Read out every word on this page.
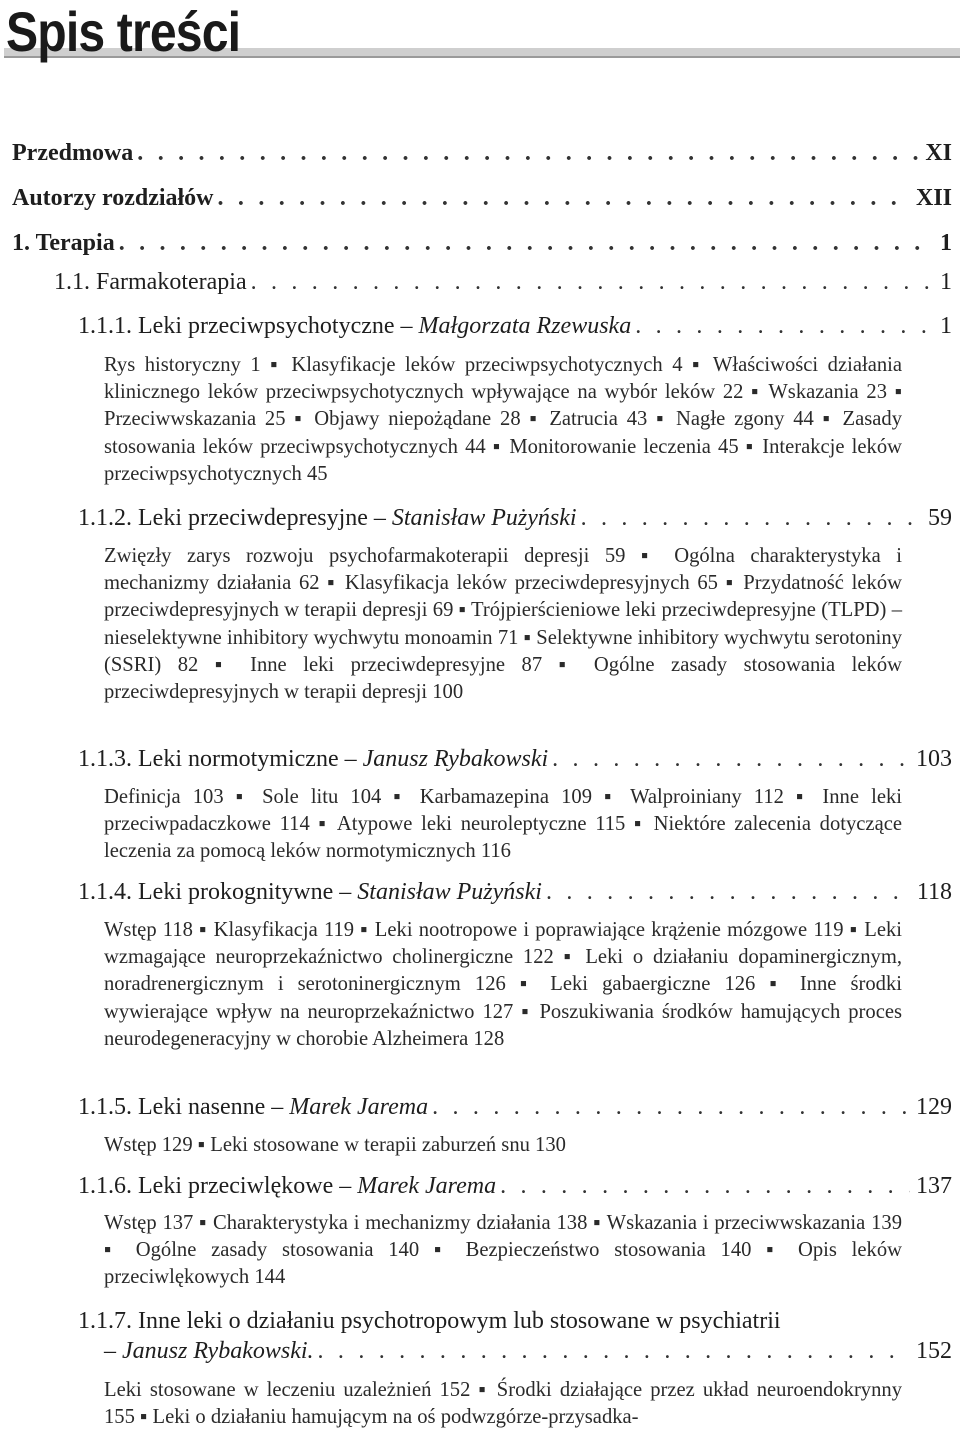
Spis treści
Przedmowa . . .	XI
Autorzy rozdziałów . . .	XII
1. Terapia . . .	1
1.1. Farmakoterapia . . .	1
1.1.1. Leki przeciwpsychotyczne – Małgorzata Rzewuska . . .	1

Rys historyczny 1 ▪ Klasyfikacje leków przeciwpsychotycznych 4 ▪ Właściwości działania klinicznego leków przeciwpsychotycznych wpływające na wybór leków 22 ▪ Wskazania 23 ▪ Przeciwwskazania 25 ▪ Objawy niepożądane 28 ▪ Zatrucia 43 ▪ Nagłe zgony 44 ▪ Zasady stosowania leków przeciwpsychotycznych 44 ▪ Monitorowanie leczenia 45 ▪ Interakcje leków przeciwpsychotycznych 45

1.1.2. Leki przeciwdepresyjne – Stanisław Pużyński . . .	59

Zwięzły zarys rozwoju psychofarmakoterapii depresji 59 ▪ Ogólna charakterystyka i mechanizmy działania 62 ▪ Klasyfikacja leków przeciwdepresyjnych 65 ▪ Przydatność leków przeciwdepresyjnych w terapii depresji 69 ▪ Trójpierścieniowe leki przeciwdepresyjne (TLPD) – nieselektywne inhibitory wychwytu monoamin 71 ▪ Selektywne inhibitory wychwytu serotoniny (SSRI) 82 ▪ Inne leki przeciwdepresyjne 87 ▪ Ogólne zasady stosowania leków przeciwdepresyjnych w terapii depresji 100

1.1.3. Leki normotymiczne – Janusz Rybakowski . . .	103

Definicja 103 ▪ Sole litu 104 ▪ Karbamazepina 109 ▪ Walproiniany 112 ▪ Inne leki przeciwpadaczkowe 114 ▪ Atypowe leki neuroleptyczne 115 ▪ Niektóre zalecenia dotyczące leczenia za pomocą leków normotymicznych 116

1.1.4. Leki prokognitywne – Stanisław Pużyński . . .	118

Wstęp 118 ▪ Klasyfikacja 119 ▪ Leki nootropowe i poprawiające krążenie mózgowe 119 ▪ Leki wzmagające neuroprzekaźnictwo cholinergiczne 122 ▪ Leki o działaniu dopaminergicznym, noradrenergicznym i serotoninergicznym 126 ▪ Leki gabaergiczne 126 ▪ Inne środki wywierające wpływ na neuroprzekaźnictwo 127 ▪ Poszukiwania środków hamujących proces neurodegeneracyjny w chorobie Alzheimera 128

1.1.5. Leki nasenne – Marek Jarema . . .	129

Wstęp 129 ▪ Leki stosowane w terapii zaburzeń snu 130

1.1.6. Leki przeciwlękowe – Marek Jarema . . .	137

Wstęp 137 ▪ Charakterystyka i mechanizmy działania 138 ▪ Wskazania i przeciwwskazania 139 ▪ Ogólne zasady stosowania 140 ▪ Bezpieczeństwo stosowania 140 ▪ Opis leków przeciwlękowych 144

1.1.7. Inne leki o działaniu psychotropowym lub stosowane w psychiatrii
– Janusz Rybakowski. . . .	152

Leki stosowane w leczeniu uzależnień 152 ▪ Środki działające przez układ neuroendokrynny 155 ▪ Leki o działaniu hamującym na oś podwzgórze-przysadka-
